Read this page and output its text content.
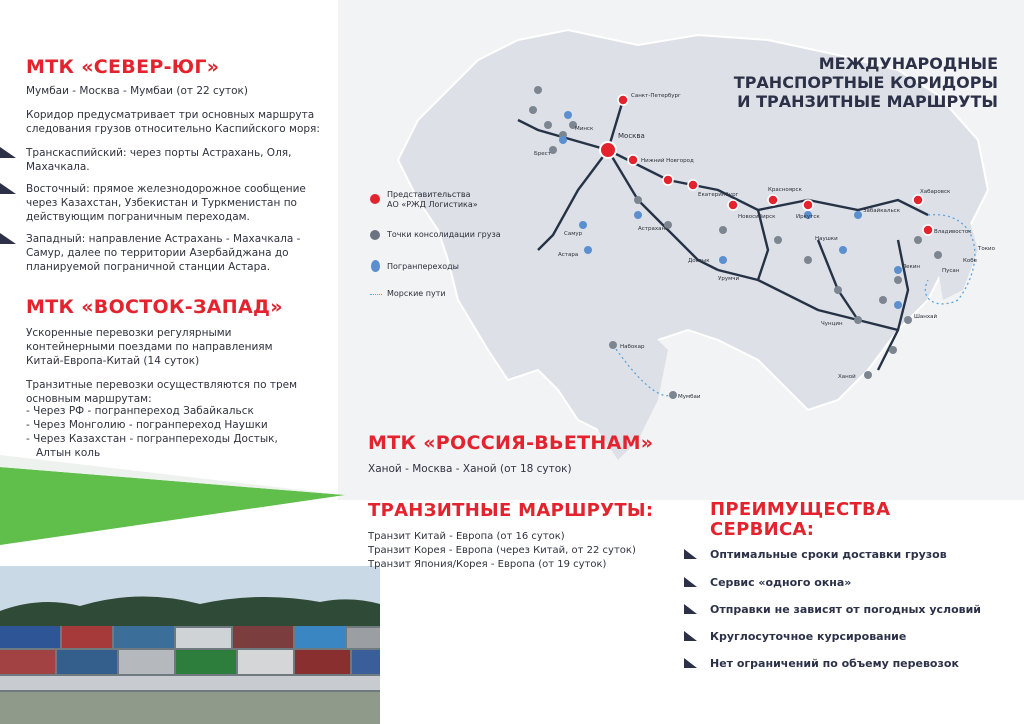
Москва
Санкт-Петербург
Нижний Новгород
Екатеринбург
Новосибирск
Красноярск
Иркутск
Хабаровск
Владивосток
Забайкальск
Наушки
Достык
Самур
Астара
Астрахань
Брест
Минск
Мумбаи
Набокар
Чунцин
Урумчи
Ханой
Пекин
Шанхай
Пусан
Кобе
Токио
МЕЖДУНАРОДНЫЕ
ТРАНСПОРТНЫЕ КОРИДОРЫ
И ТРАНЗИТНЫЕ МАРШРУТЫ
Представительства
АО «РЖД Логистика»
Точки консолидации груза
Погранпереходы
Морские пути
МТК «СЕВЕР-ЮГ»
Мумбаи - Москва - Мумбаи (от 22 суток)
Коридор предусматривает три основных маршрута следования грузов относительно Каспийского моря:
Транскаспийский: через порты Астрахань, Оля, Махачкала.
Восточный: прямое железнодорожное сообщение через Казахстан, Узбекистан и Туркменистан по действующим пограничным переходам.
Западный: направление Астрахань - Махачкала - Самур, далее по территории Азербайджана до планируемой пограничной станции Астара.
МТК «ВОСТОК-ЗАПАД»
Ускоренные перевозки регулярными контейнерными поездами по направлениям Китай-Европа-Китай (14 суток)
Транзитные перевозки осуществляются по трем основным маршрутам:
- Через РФ - погранпереход Забайкальск
- Через Монголию - погранпереход Наушки
- Через Казахстан - погранпереходы Достык,
Алтын коль	МТК «РОССИЯ-ВЬЕТНАМ»
Ханой - Москва - Ханой (от 18 суток)
ТРАНЗИТНЫЕ МАРШРУТЫ:
Транзит Китай - Европа (от 16 суток)
Транзит Корея - Европа (через Китай, от 22 суток)
Транзит Япония/Корея - Европа (от 19 суток)
ПРЕИМУЩЕСТВА
СЕРВИСА:
Оптимальные сроки доставки грузов
Сервис «одного окна»
Отправки не зависят от погодных условий
Круглосуточное курсирование
Нет ограничений по объему перевозок
